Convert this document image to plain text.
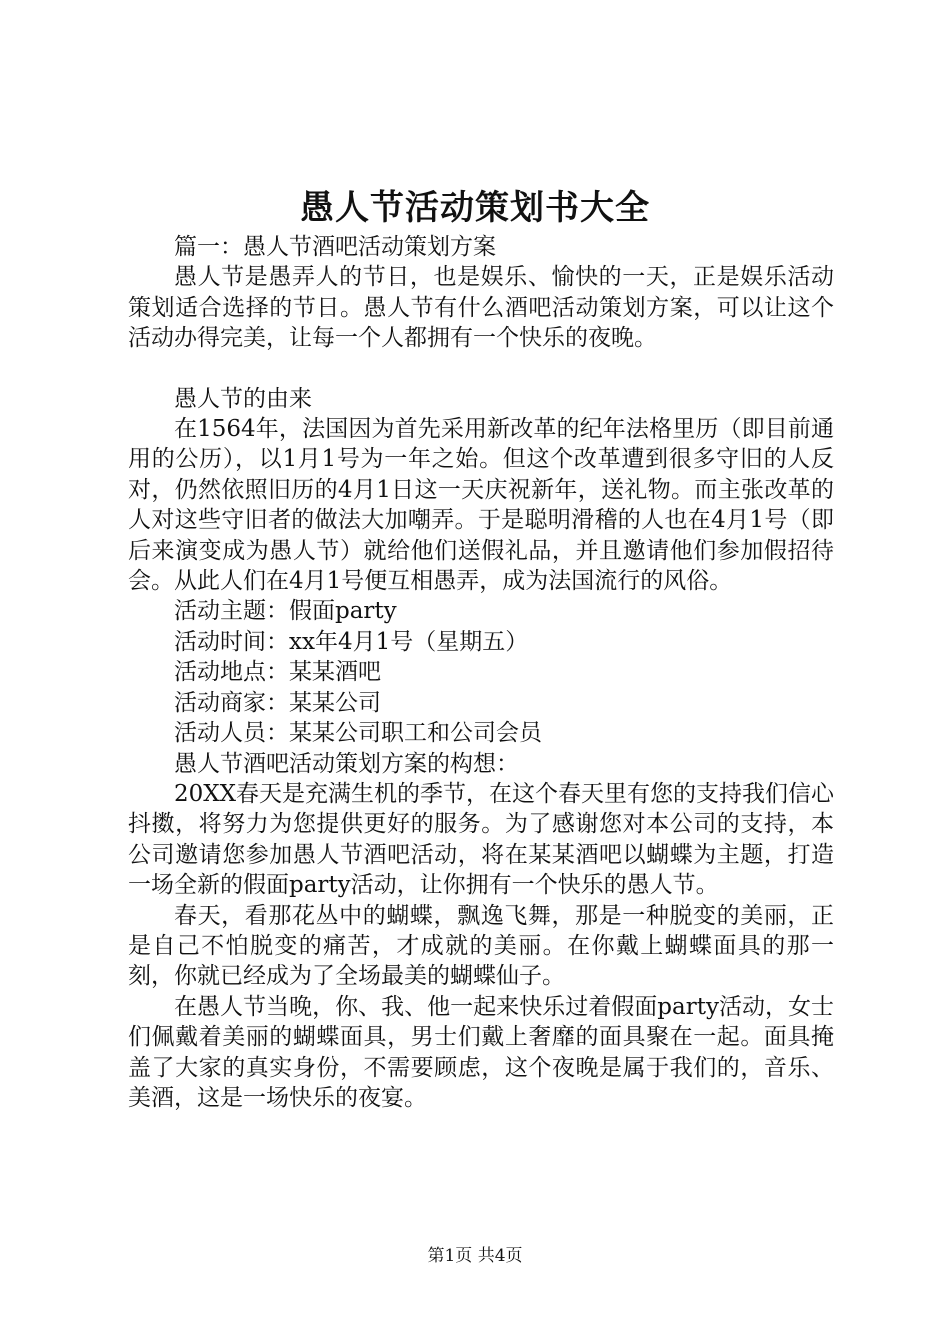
愚人节活动策划书大全

篇一：愚人节酒吧活动策划方案

愚人节是愚弄人的节日，也是娱乐、愉快的一天，正是娱乐活动策划适合选择的节日。愚人节有什么酒吧活动策划方案，可以让这个活动办得完美，让每一个人都拥有一个快乐的夜晚。

愚人节的由来

在1564年，法国因为首先采用新改革的纪年法格里历（即目前通用的公历），以1月1号为一年之始。但这个改革遭到很多守旧的人反对，仍然依照旧历的4月1日这一天庆祝新年，送礼物。而主张改革的人对这些守旧者的做法大加嘲弄。于是聪明滑稽的人也在4月1号（即后来演变成为愚人节）就给他们送假礼品，并且邀请他们参加假招待会。从此人们在4月1号便互相愚弄，成为法国流行的风俗。

活动主题：假面party

活动时间：xx年4月1号（星期五）

活动地点：某某酒吧

活动商家：某某公司

活动人员：某某公司职工和公司会员

愚人节酒吧活动策划方案的构想：

20XX春天是充满生机的季节，在这个春天里有您的支持我们信心抖擞，将努力为您提供更好的服务。为了感谢您对本公司的支持，本公司邀请您参加愚人节酒吧活动，将在某某酒吧以蝴蝶为主题，打造一场全新的假面party活动，让你拥有一个快乐的愚人节。

春天，看那花丛中的蝴蝶，飘逸飞舞，那是一种脱变的美丽，正是自己不怕脱变的痛苦，才成就的美丽。在你戴上蝴蝶面具的那一刻，你就已经成为了全场最美的蝴蝶仙子。

在愚人节当晚，你、我、他一起来快乐过着假面party活动，女士们佩戴着美丽的蝴蝶面具，男士们戴上奢靡的面具聚在一起。面具掩盖了大家的真实身份，不需要顾虑，这个夜晚是属于我们的，音乐、美酒，这是一场快乐的夜宴。

第1页 共4页
